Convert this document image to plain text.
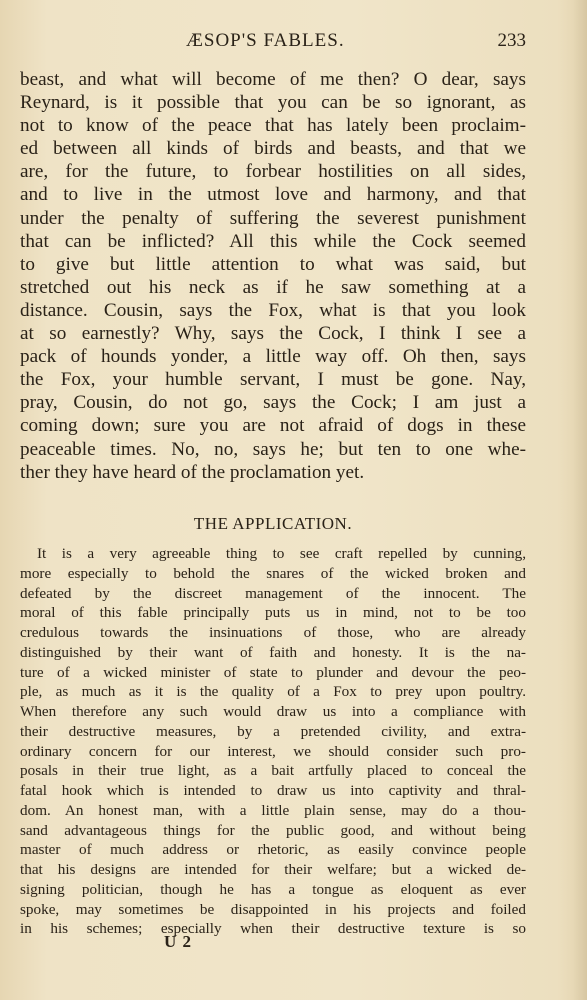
ÆSOP'S FABLES.	233
beast, and what will become of me then? O dear, says
Reynard, is it possible that you can be so ignorant, as
not to know of the peace that has lately been proclaim-
ed between all kinds of birds and beasts, and that we
are, for the future, to forbear hostilities on all sides,
and to live in the utmost love and harmony, and that
under the penalty of suffering the severest punishment
that can be inflicted? All this while the Cock seemed
to give but little attention to what was said, but
stretched out his neck as if he saw something at a
distance. Cousin, says the Fox, what is that you look
at so earnestly? Why, says the Cock, I think I see a
pack of hounds yonder, a little way off. Oh then, says
the Fox, your humble servant, I must be gone. Nay,
pray, Cousin, do not go, says the Cock; I am just a
coming down; sure you are not afraid of dogs in these
peaceable times. No, no, says he; but ten to one whe-
ther they have heard of the proclamation yet.
THE APPLICATION.
It is a very agreeable thing to see craft repelled by cunning,
more especially to behold the snares of the wicked broken and
defeated by the discreet management of the innocent. The
moral of this fable principally puts us in mind, not to be too
credulous towards the insinuations of those, who are already
distinguished by their want of faith and honesty. It is the na-
ture of a wicked minister of state to plunder and devour the peo-
ple, as much as it is the quality of a Fox to prey upon poultry.
When therefore any such would draw us into a compliance with
their destructive measures, by a pretended civility, and extra-
ordinary concern for our interest, we should consider such pro-
posals in their true light, as a bait artfully placed to conceal the
fatal hook which is intended to draw us into captivity and thral-
dom. An honest man, with a little plain sense, may do a thou-
sand advantageous things for the public good, and without being
master of much address or rhetoric, as easily convince people
that his designs are intended for their welfare; but a wicked de-
signing politician, though he has a tongue as eloquent as ever
spoke, may sometimes be disappointed in his projects and foiled
in his schemes; especially when their destructive texture is so
U 2
